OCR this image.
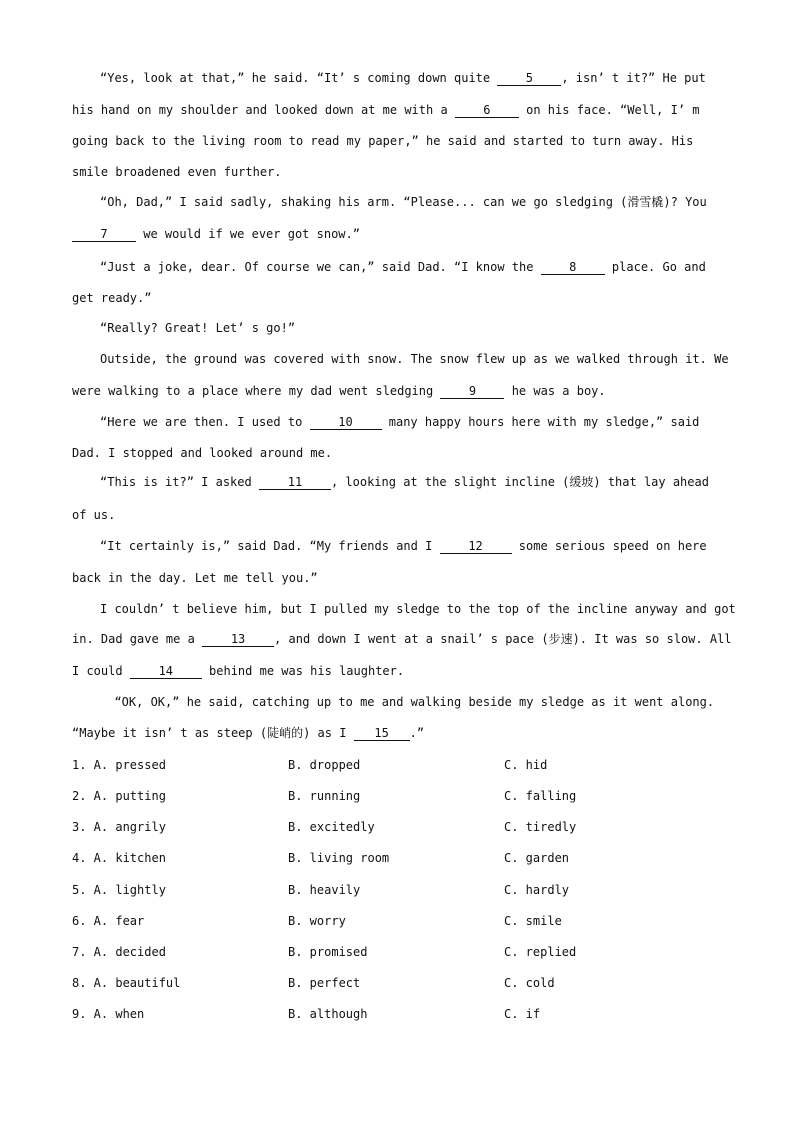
“Yes, look at that,” he said. “It’ s coming down quite 5 , isn’ t it?” He put
his hand on my shoulder and looked down at me with a 6 on his face. “Well, I’ m
going back to the living room to read my paper,” he said and started to turn away. His
smile broadened even further.
“Oh, Dad,” I said sadly, shaking his arm. “Please... can we go sledging (滑雪橇)? You
7 we would if we ever got snow.”
“Just a joke, dear. Of course we can,” said Dad. “I know the 8 place. Go and
get ready.”
“Really? Great! Let’ s go!”
Outside, the ground was covered with snow. The snow flew up as we walked through it. We
were walking to a place where my dad went sledging 9 he was a boy.
“Here we are then. I used to 10 many happy hours here with my sledge,” said
Dad. I stopped and looked around me.
“This is it?” I asked 11 , looking at the slight incline (缓坡) that lay ahead
of us.
“It certainly is,” said Dad. “My friends and I 12 some serious speed on here
back in the day. Let me tell you.”
I couldn’ t believe him, but I pulled my sledge to the top of the incline anyway and got
in. Dad gave me a 13 , and down I went at a snail’ s pace (步速). It was so slow. All
I could 14 behind me was his laughter.
“OK, OK,” he said, catching up to me and walking beside my sledge as it went along.
“Maybe it isn’ t as steep (陡峭的) as I 15 .”
1. A. pressed	B. dropped	C. hid
2. A. putting	B. running	C. falling
3. A. angrily	B. excitedly	C. tiredly
4. A. kitchen	B. living room	C. garden
5. A. lightly	B. heavily	C. hardly
6. A. fear	B. worry	C. smile
7. A. decided	B. promised	C. replied
8. A. beautiful	B. perfect	C. cold
9. A. when	B. although	C. if
